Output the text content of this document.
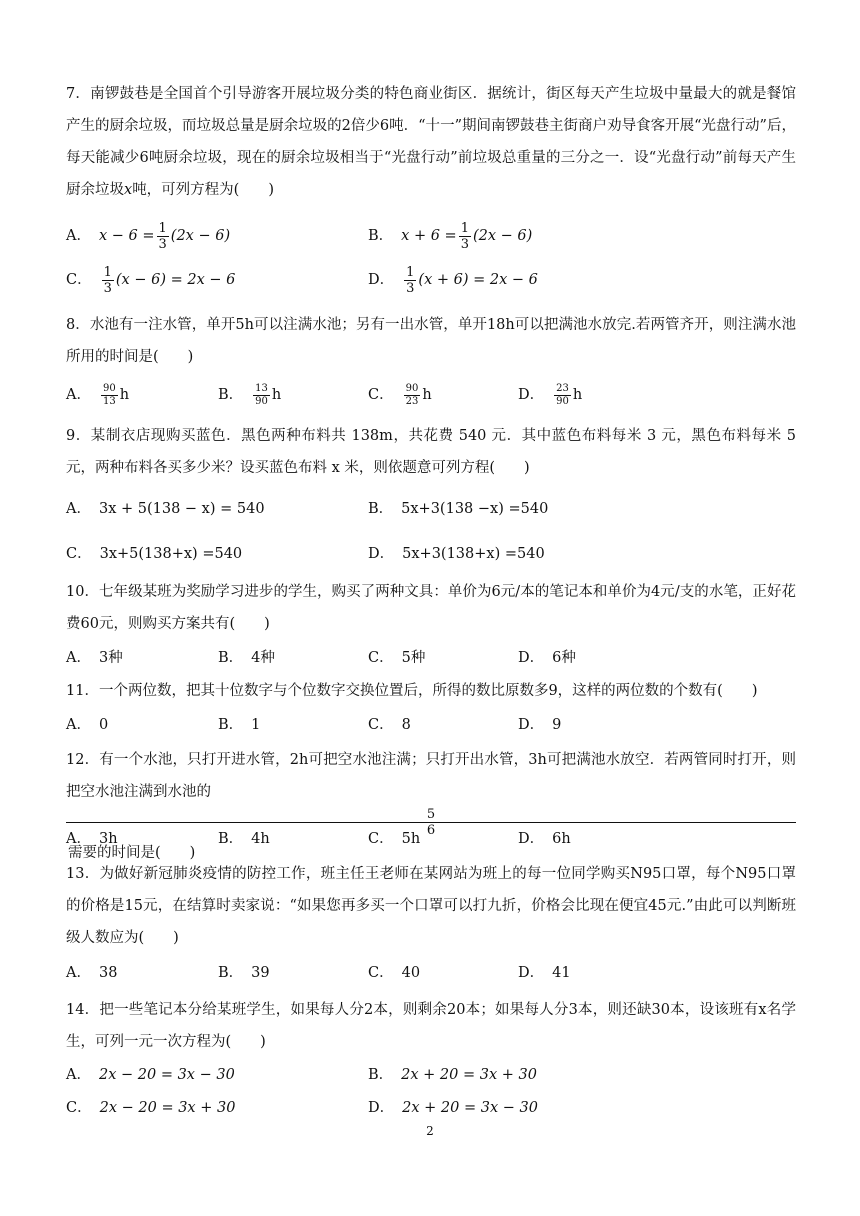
7．南锣鼓巷是全国首个引导游客开展垃圾分类的特色商业街区．据统计，街区每天产生垃圾中量最大的就是餐馆产生的厨余垃圾，而垃圾总量是厨余垃圾的2倍少6吨．“十一”期间南锣鼓巷主街商户劝导食客开展“光盘行动”后，每天能减少6吨厨余垃圾，现在的厨余垃圾相当于“光盘行动”前垃圾总重量的三分之一．设“光盘行动”前每天产生厨余垃圾x吨，可列方程为(　　)

A． $x - 6 = \frac{1}{3} (2x - 6)$	B． $x + 6 = \frac{1}{3} (2x - 6)$
C． $\frac{1}{3} (x - 6) = 2x - 6$	D． $\frac{1}{3} (x + 6) = 2x - 6$

8．水池有一注水管，单开5h可以注满水池；另有一出水管，单开18h可以把满池水放完.若两管齐开，则注满水池所用的时间是(　　)

A． $\frac{90}{13}$ h	B． $\frac{13}{90}$ h	C． $\frac{90}{23}$ h	D． $\frac{23}{90}$ h

9．某制衣店现购买蓝色．黑色两种布料共 138m，共花费 540 元．其中蓝色布料每米 3 元，黑色布料每米 5 元，两种布料各买多少米？设买蓝色布料 x 米，则依题意可列方程(　　)

A． 3x + 5(138 − x) = 540	B． 5x+3(138 −x) =540
C． 3x+5(138+x) =540	D． 5x+3(138+x) =540

10．七年级某班为奖励学习进步的学生，购买了两种文具：单价为6元/本的笔记本和单价为4元/支的水笔，正好花费60元，则购买方案共有(　　)

A． 3种	B． 4种	C． 5种	D． 6种

11．一个两位数，把其十位数字与个位数字交换位置后，所得的数比原数多9，这样的两位数的个数有(　　)

A． 0	B． 1	C． 8	D． 9

12．有一个水池，只打开进水管，2h可把空水池注满；只打开出水管，3h可把满池水放空．若两管同时打开，则把空水池注满到水池的
5
6
需要的时间是(　　)

A． 3h	B． 4h	C． 5h	D． 6h

13．为做好新冠肺炎疫情的防控工作，班主任王老师在某网站为班上的每一位同学购买N95口罩，每个N95口罩的价格是15元，在结算时卖家说：“如果您再多买一个口罩可以打九折，价格会比现在便宜45元.”由此可以判断班级人数应为(　　)

A． 38	B． 39	C． 40	D． 41

14．把一些笔记本分给某班学生，如果每人分2本，则剩余20本；如果每人分3本，则还缺30本，设该班有x名学生，可列一元一次方程为(　　)

A． 2x − 20 = 3x − 30	B． 2x + 20 = 3x + 30
C． 2x − 20 = 3x + 30	D． 2x + 20 = 3x − 30
2
